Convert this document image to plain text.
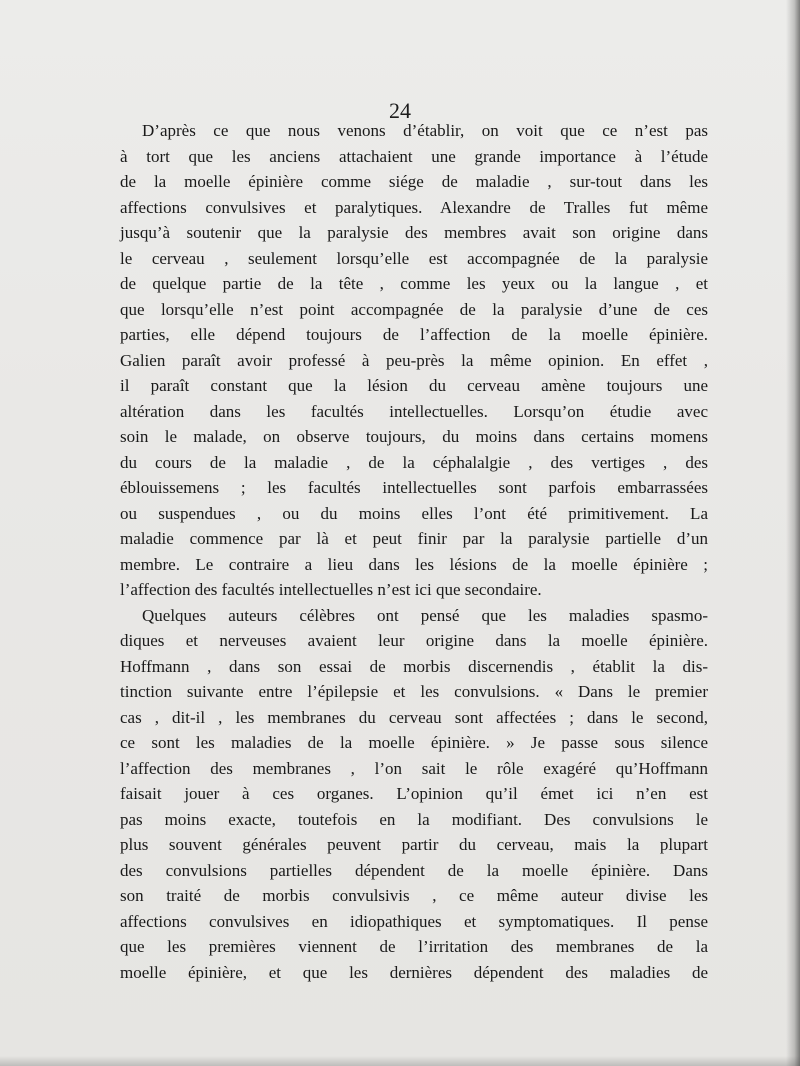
24
D’après ce que nous venons d’établir, on voit que ce n’est pas
à tort que les anciens attachaient une grande importance à l’étude
de la moelle épinière comme siége de maladie , sur-tout dans les
affections convulsives et paralytiques. Alexandre de Tralles fut même
jusqu’à soutenir que la paralysie des membres avait son origine dans
le cerveau , seulement lorsqu’elle est accompagnée de la paralysie
de quelque partie de la tête , comme les yeux ou la langue , et
que lorsqu’elle n’est point accompagnée de la paralysie d’une de ces
parties, elle dépend toujours de l’affection de la moelle épinière.
Galien paraît avoir professé à peu-près la même opinion. En effet ,
il paraît constant que la lésion du cerveau amène toujours une
altération dans les facultés intellectuelles. Lorsqu’on étudie avec
soin le malade, on observe toujours, du moins dans certains momens
du cours de la maladie , de la céphalalgie , des vertiges , des
éblouissemens ; les facultés intellectuelles sont parfois embarrassées
ou suspendues , ou du moins elles l’ont été primitivement. La
maladie commence par là et peut finir par la paralysie partielle d’un
membre. Le contraire a lieu dans les lésions de la moelle épinière ;
l’affection des facultés intellectuelles n’est ici que secondaire.
Quelques auteurs célèbres ont pensé que les maladies spasmo-
diques et nerveuses avaient leur origine dans la moelle épinière.
Hoffmann , dans son essai de morbis discernendis , établit la dis-
tinction suivante entre l’épilepsie et les convulsions. « Dans le premier
cas , dit-il , les membranes du cerveau sont affectées ; dans le second,
ce sont les maladies de la moelle épinière. » Je passe sous silence
l’affection des membranes , l’on sait le rôle exagéré qu’Hoffmann
faisait jouer à ces organes. L’opinion qu’il émet ici n’en est
pas moins exacte, toutefois en la modifiant. Des convulsions le
plus souvent générales peuvent partir du cerveau, mais la plupart
des convulsions partielles dépendent de la moelle épinière. Dans
son traité de morbis convulsivis , ce même auteur divise les
affections convulsives en idiopathiques et symptomatiques. Il pense
que les premières viennent de l’irritation des membranes de la
moelle épinière, et que les dernières dépendent des maladies de
